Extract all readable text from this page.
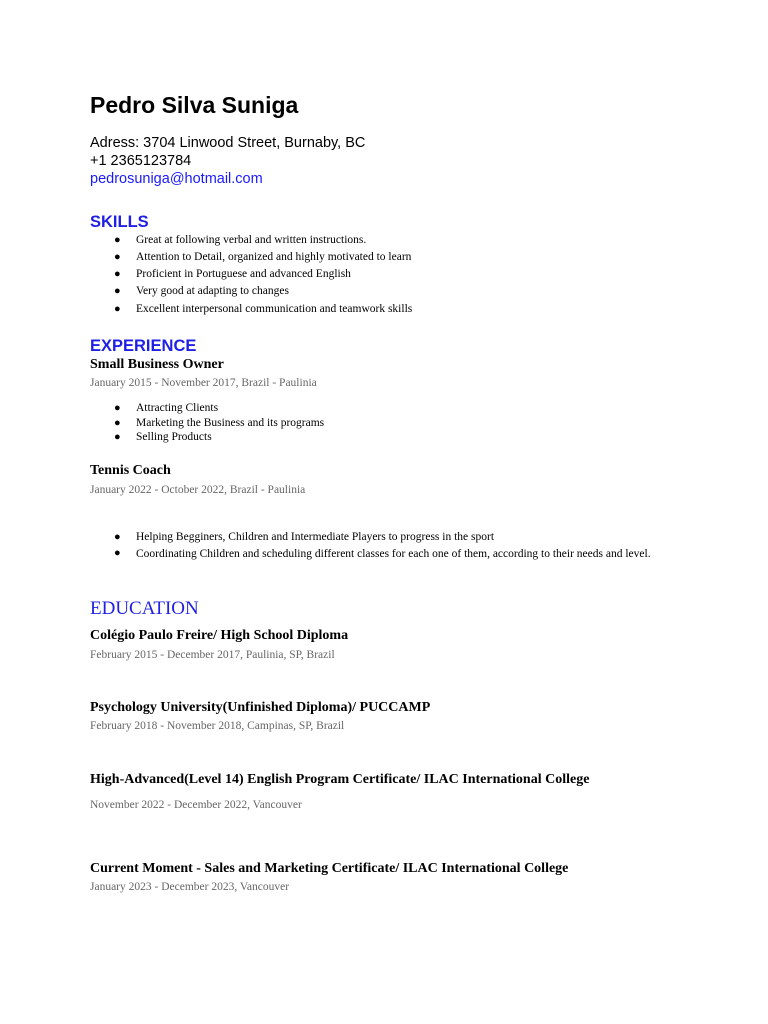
Pedro Silva Suniga
Adress: 3704 Linwood Street, Burnaby, BC
+1 2365123784
pedrosuniga@hotmail.com
SKILLS
● Great at following verbal and written instructions.
● Attention to Detail, organized and highly motivated to learn
● Proficient in Portuguese and advanced English
● Very good at adapting to changes
● Excellent interpersonal communication and teamwork skills
EXPERIENCE
Small Business Owner
January 2015 - November 2017, Brazil - Paulinia
● Attracting Clients
● Marketing the Business and its programs
● Selling Products
Tennis Coach
January 2022 - October 2022, Brazil - Paulinia
● Helping Begginers, Children and Intermediate Players to progress in the sport
● Coordinating Children and scheduling different classes for each one of them, according to their needs and level.
EDUCATION
Colégio Paulo Freire/ High School Diploma
February 2015 - December 2017, Paulinia, SP, Brazil
Psychology University(Unfinished Diploma)/ PUCCAMP
February 2018 - November 2018, Campinas, SP, Brazil
High-Advanced(Level 14) English Program Certificate/ ILAC International College
November 2022 - December 2022, Vancouver
Current Moment - Sales and Marketing Certificate/ ILAC International College
January 2023 - December 2023, Vancouver
